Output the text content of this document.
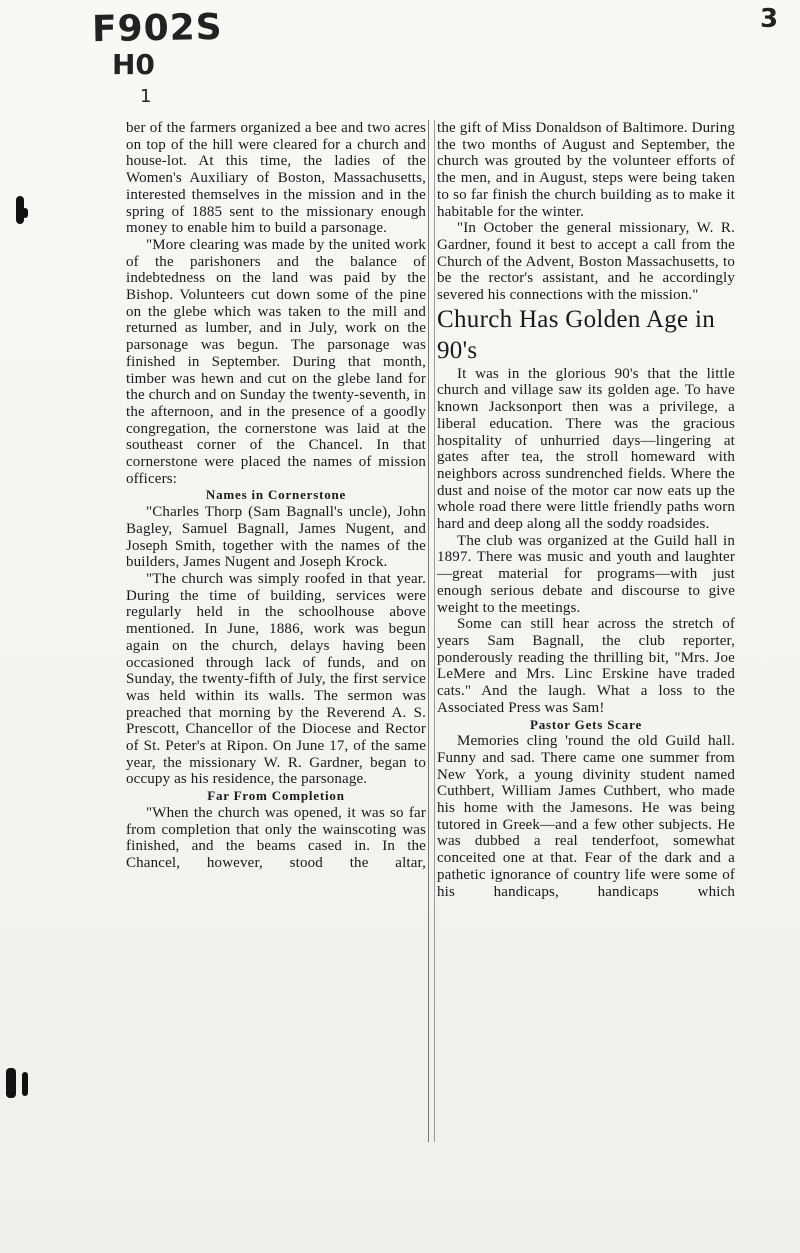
F902S
H0
1
3

ber of the farmers organized a bee and two acres on top of the hill were cleared for a church and house-lot. At this time, the ladies of the Women's Auxiliary of Boston, Massachusetts, interested themselves in the mission and in the spring of 1885 sent to the missionary enough money to enable him to build a parsonage.

"More clearing was made by the united work of the parishoners and the balance of indebtedness on the land was paid by the Bishop. Volunteers cut down some of the pine on the glebe which was taken to the mill and returned as lumber, and in July, work on the parsonage was begun. The parsonage was finished in September. During that month, timber was hewn and cut on the glebe land for the church and on Sunday the twenty-seventh, in the afternoon, and in the presence of a goodly congregation, the cornerstone was laid at the southeast corner of the Chancel. In that cornerstone were placed the names of mission officers:

Names in Cornerstone

"Charles Thorp (Sam Bagnall's uncle), John Bagley, Samuel Bagnall, James Nugent, and Joseph Smith, together with the names of the builders, James Nugent and Joseph Krock.

"The church was simply roofed in that year. During the time of building, services were regularly held in the schoolhouse above mentioned. In June, 1886, work was begun again on the church, delays having been occasioned through lack of funds, and on Sunday, the twenty-fifth of July, the first service was held within its walls. The sermon was preached that morning by the Reverend A. S. Prescott, Chancellor of the Diocese and Rector of St. Peter's at Ripon. On June 17, of the same year, the missionary W. R. Gardner, began to occupy as his residence, the parsonage.

Far From Completion

"When the church was opened, it was so far from completion that only the wainscoting was finished, and the beams cased in. In the Chancel, however, stood the altar,

the gift of Miss Donaldson of Baltimore. During the two months of August and September, the church was grouted by the volunteer efforts of the men, and in August, steps were being taken to so far finish the church building as to make it habitable for the winter.

"In October the general missionary, W. R. Gardner, found it best to accept a call from the Church of the Advent, Boston Massachusetts, to be the rector's assistant, and he accordingly severed his connections with the mission."

Church Has Golden Age in 90's

It was in the glorious 90's that the little church and village saw its golden age. To have known Jacksonport then was a privilege, a liberal education. There was the gracious hospitality of unhurried days—lingering at gates after tea, the stroll homeward with neighbors across sundrenched fields. Where the dust and noise of the motor car now eats up the whole road there were little friendly paths worn hard and deep along all the soddy roadsides.

The club was organized at the Guild hall in 1897. There was music and youth and laughter—great material for programs—with just enough serious debate and discourse to give weight to the meetings.

Some can still hear across the stretch of years Sam Bagnall, the club reporter, ponderously reading the thrilling bit, "Mrs. Joe LeMere and Mrs. Linc Erskine have traded cats." And the laugh. What a loss to the Associated Press was Sam!

Pastor Gets Scare

Memories cling 'round the old Guild hall. Funny and sad. There came one summer from New York, a young divinity student named Cuthbert, William James Cuthbert, who made his home with the Jamesons. He was being tutored in Greek—and a few other subjects. He was dubbed a real tenderfoot, somewhat conceited one at that. Fear of the dark and a pathetic ignorance of country life were some of his handicaps, handicaps which
